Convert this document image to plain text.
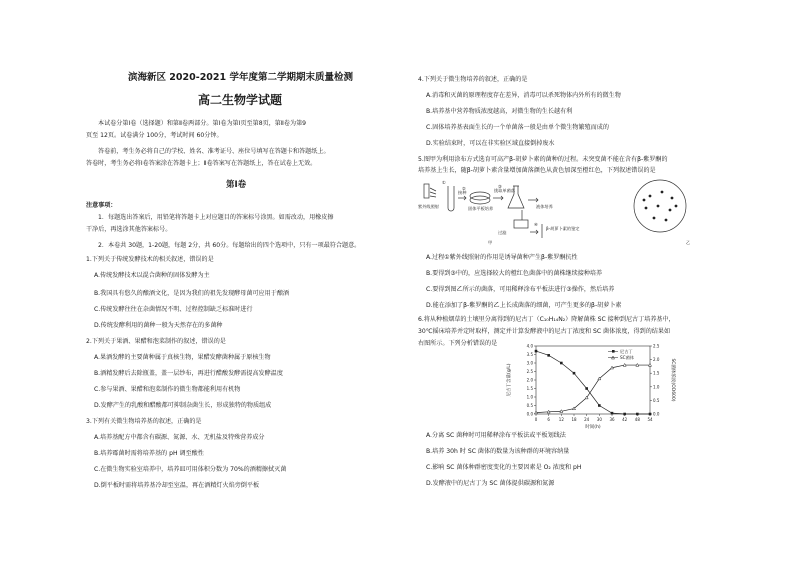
滨海新区 2020-2021 学年度第二学期期末质量检测
高二生物学试题
本试卷分第Ⅰ卷（选择题）和第Ⅱ卷两部分。第Ⅰ卷为第Ⅰ页至第8页，第Ⅱ卷为第9
页至 12页。试卷满分 100分，考试时间 60分钟。
答卷前，考生务必将自己的学校、姓名、准考证号、座位号填写在答题卡和答题纸上。
答卷时，考生务必将Ⅰ卷答案涂在答题卡上；Ⅱ卷答案写在答题纸上，答在试卷上无效。
第Ⅰ卷
注意事项：
1．每题选出答案后，用铅笔将答题卡上对应题目的答案标号涂黑。如需改动，用橡皮擦
干净后，再选涂其他答案标号。
2．本卷共 30题，1-20题，每题 2分，共 60分。每题给出的四个选项中，只有一项最符合题意。
1.下列关于传统发酵技术的相关叙述，错误的是
A.传统发酵技术以混合菌种的固体发酵为主
B.我国具有悠久的酿酒文化，是因为我们的祖先发现酵母菌可应用于酿酒
C.传统发酵往往在杂菌情况不明、过程控制缺乏标准时进行
D.传统发酵利用的菌种一般为天然存在的多菌种
2.下列关于果酒、果醋和泡菜制作的叙述，错误的是
A.果酒发酵的主要菌种属于真核生物，果醋发酵菌种属于原核生物
B.酒精发酵后去除瓶盖，盖一层纱布，再进行醋酸发酵需提高发酵温度
C.参与果酒、果醋和泡菜制作的微生物都能利用有机物
D.发酵产生的乳酸和醋酸都可抑制杂菌生长，形成独特的物质组成
3.下列有关微生物培养基的叙述，正确的是
A.培养基配方中都含有碳源、氮源、水、无机盐及特殊营养成分
B.培养霉菌时需将培养基的 pH 调至酸性
C.在微生物实验室培养中，培养皿可用体积分数为 70%的酒精擦拭灭菌
D.倒平板时需将培养基冷却至室温，再在酒精灯火焰旁倒平板
4.下列关于微生物培养的叙述，正确的是
A.消毒和灭菌的原理程度存在差异，消毒可以杀死物体内外所有的微生物
B.培养基中营养物质浓度越高，对微生物的生长越有利
C.固体培养基表面生长的一个单菌落一般是由单个微生物繁殖而成的
D.实验结束时，可以在非实验区域直接倒掉废水
5.图甲为利用涂布方式选育可高产β-胡萝卜素的菌种的过程。未突变菌不能在含有β-紫罗酮的
培养基上生长，随β-胡萝卜素含量增加菌落颜色从黄色加深至橙红色，下列叙述错误的是
紫外线照射
①
接种
②
固体平板培养
挑取单菌落
③
液体培养
过滤
④
β-胡萝卜素的鉴定
甲	乙
A.过程①紫外线照射的作用是诱导菌种产生β-紫罗酮抗性
B.要得到③中的，应选择较大的橙红色菌落中的菌株继续接种培养
C.要得到图乙所示的菌落，可用稀释涂布平板法进行③操作，然后培养
D.能在添加了β-紫罗酮的乙上长成菌落的细菌，可产生更多的β-胡萝卜素
6.将从种植烟草的土壤里分离得到的尼古丁（C₁₀H₁₄N₂）降解菌株 SC 接种到尼古丁培养基中，
30℃摇床培养并定时取样，测定并计算发酵液中的尼古丁浓度和 SC 菌体浓度，得到的结果如
右图所示。下列分析错误的是
0	6 12 18 24 30 36 42 48 54
0.0
0.5
1.0
1.5
2.0
2.5
3.0
3.5
4.0
0.0
0.5
1.0
1.5
2.0
2.5
时间(h)
尼古丁含量(g/L)	SC菌体浓度(OD600)
尼古丁
SC菌体
A.分离 SC 菌种时可用稀释涂布平板法或平板划线法
B.培养 30h 时 SC 菌体的数量为该种群的环境容纳量
C.影响 SC 菌体种群密度变化的主要因素是 O₂ 浓度和 pH
D.发酵液中的尼古丁为 SC 菌体提供碳源和氮源
